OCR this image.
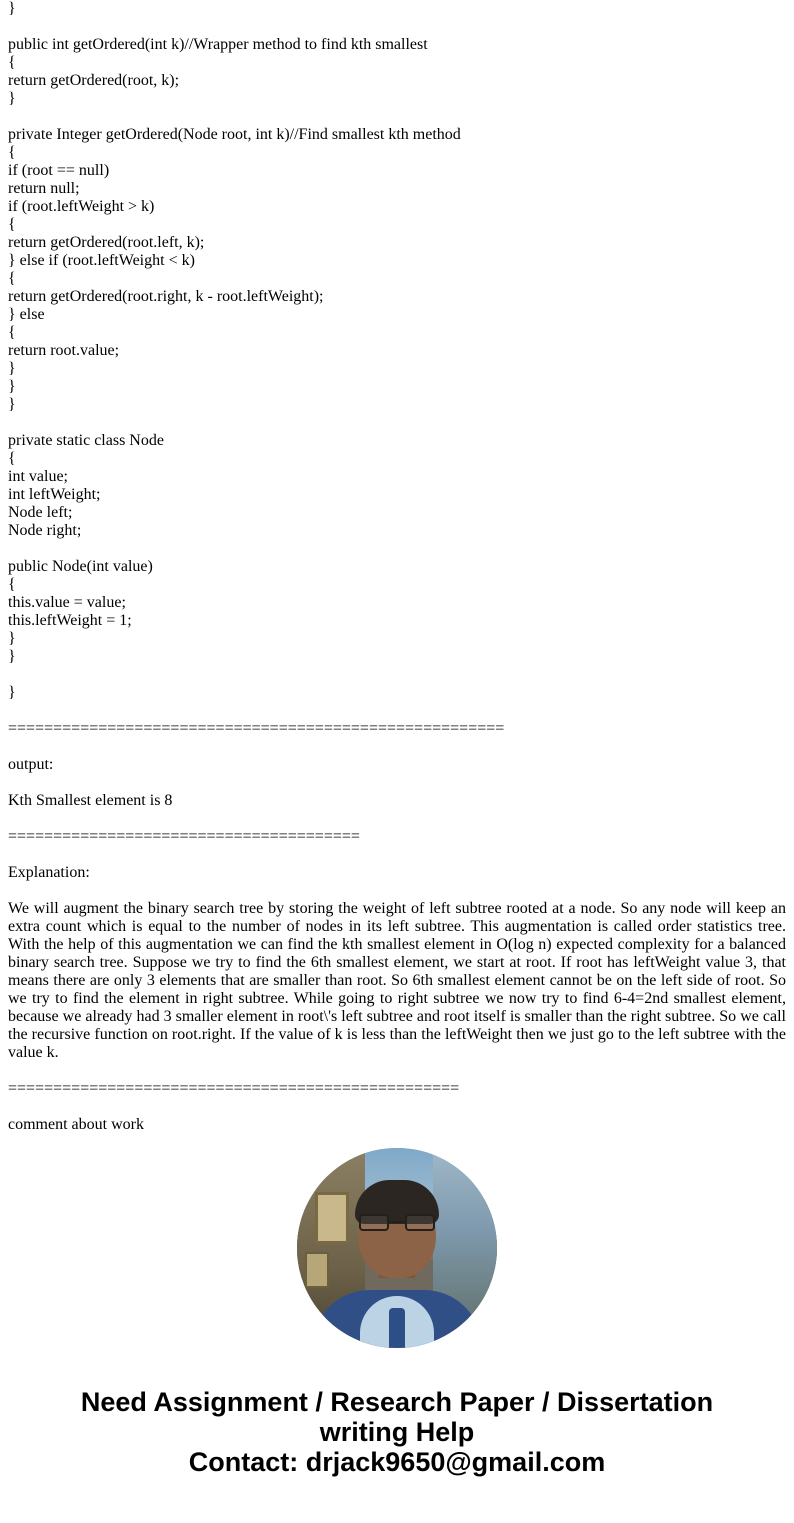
}
public int getOrdered(int k)//Wrapper method to find kth smallest
{
return getOrdered(root, k);
}
private Integer getOrdered(Node root, int k)//Find smallest kth method
{
if (root == null)
return null;
if (root.leftWeight > k)
{
return getOrdered(root.left, k);
} else if (root.leftWeight < k)
{
return getOrdered(root.right, k - root.leftWeight);
} else
{
return root.value;
}
}
}
private static class Node
{
int value;
int leftWeight;
Node left;
Node right;
public Node(int value)
{
this.value = value;
this.leftWeight = 1;
}
}
}
=======================================================
output:
Kth Smallest element is 8
=======================================
Explanation:
We will augment the binary search tree by storing the weight of left subtree rooted at a node. So any node will keep an extra count which is equal to the number of nodes in its left subtree. This augmentation is called order statistics tree. With the help of this augmentation we can find the kth smallest element in O(log n) expected complexity for a balanced binary search tree. Suppose we try to find the 6th smallest element, we start at root. If root has leftWeight value 3, that means there are only 3 elements that are smaller than root. So 6th smallest element cannot be on the left side of root. So we try to find the element in right subtree. While going to right subtree we now try to find 6-4=2nd smallest element, because we already had 3 smaller element in root\'s left subtree and root itself is smaller than the right subtree. So we call the recursive function on root.right. If the value of k is less than the leftWeight then we just go to the left subtree with the value k.
==================================================
comment about work
Need Assignment / Research Paper / Dissertation
writing Help
Contact: drjack9650@gmail.com
